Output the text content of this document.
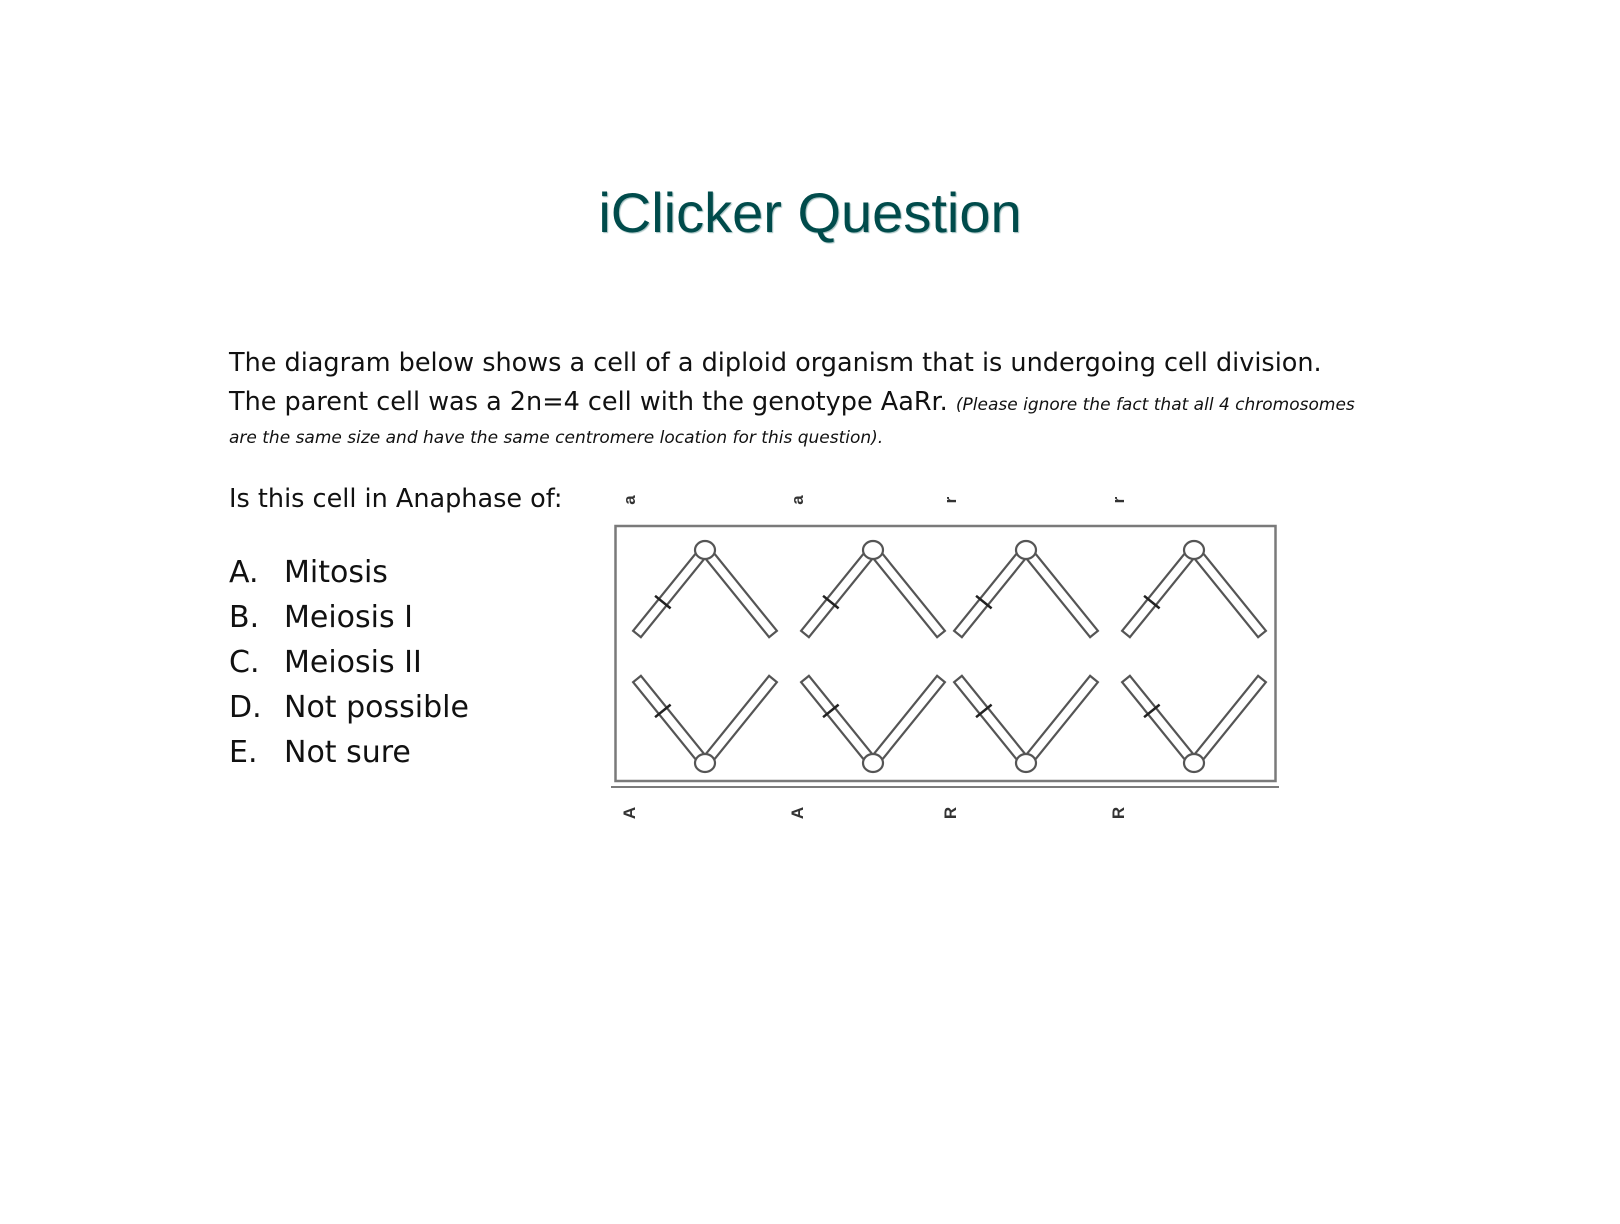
iClicker Question
The diagram below shows a cell of a diploid organism that is undergoing cell division.
The parent cell was a 2n=4 cell with the genotype AaRr. (Please ignore the fact that all 4 chromosomes
are the same size and have the same centromere location for this question).
Is this cell in Anaphase of:
A. Mitosis
B. Meiosis I
C. Meiosis II
D. Not possible
E. Not sure
a
A
a
A
r
R
r
R
